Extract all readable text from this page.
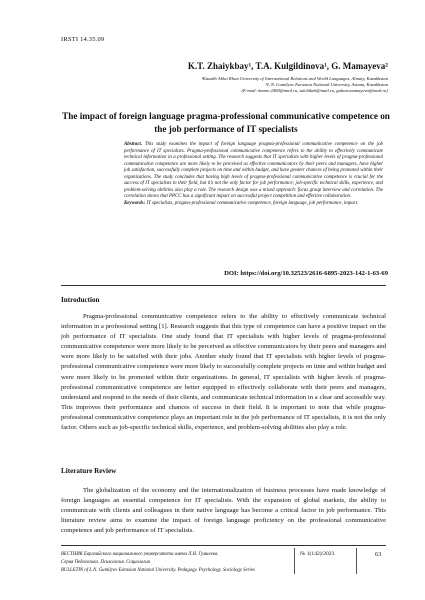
IRSTI 14.35.09
K.T. Zhaiykbay¹, T.A. Kulgildinova¹, G. Mamayeva²
¹Kazakh Ablai Khan University of International Relations and World Languages, Almaty, Kazakhstan
²L.N. Gumilyov Eurasian National University, Astana, Kazakhstan
(E-mail: kamis-2408@mail.ru, tulebikeb@mail.ru, gulnar.mamayeva@mail.ru)
The impact of foreign language pragma-professional communicative competence on the job performance of IT specialists
Abstract. This study examines the impact of foreign language pragma-professional communicative competence on the job performance of IT specialists. Pragma-professional communicative competence refers to the ability to effectively communicate technical information in a professional setting. The research suggests that IT specialists with higher levels of pragma-professional communicative competence are more likely to be perceived as effective communicators by their peers and managers, have higher job satisfaction, successfully complete projects on time and within budget, and have greater chances of being promoted within their organizations. The study concludes that having high levels of pragma-professional communicative competence is crucial for the success of IT specialists in their field, but it’s not the only factor for job performance; job-specific technical skills, experience, and problem-solving abilities also play a role. The research design was a mixed approach: focus group interview and correlation. The correlation shows that PPCC has a significant impact on successful project competition and effective collaboration.
Keywords: IT specialists, pragma-professional communicative competence, foreign language, job performance, impact.
DOI: https://doi.org/10.32523/2616-6895-2023-142-1-63-69
Introduction

Pragma-professional communicative competence refers to the ability to effectively communicate technical information in a professional setting [1]. Research suggests that this type of competence can have a positive impact on the job performance of IT specialists. One study found that IT specialists with higher levels of pragma-professional communicative competence were more likely to be perceived as effective communicators by their peers and managers and were more likely to be satisfied with their jobs. Another study found that IT specialists with higher levels of pragma-professional communicative competence were more likely to successfully complete projects on time and within budget and were more likely to be promoted within their organizations. In general, IT specialists with higher levels of pragma-professional communicative competence are better equipped to effectively collaborate with their peers and managers, understand and respond to the needs of their clients, and communicate technical information in a clear and accessible way. This improves their performance and chances of success in their field. It is important to note that while pragma-professional communicative competence plays an important role in the job performance of IT specialists, it is not the only factor. Others such as job-specific technical skills, experience, and problem-solving abilities also play a role.

Literature Review

The globalization of the economy and the internationalization of business processes have made knowledge of foreign languages an essential competence for IT specialists. With the expansion of global markets, the ability to communicate with clients and colleagues in their native language has become a critical factor in job performance. This literature review aims to examine the impact of foreign language proficiency on the professional communicative competence and job performance of IT specialists.

ВЕСТНИК Евразийского национального университета имени Л.Н. Гумилева.
Серия Педагогика. Психология. Социология
BULLETIN of L.N. Gumilyov Eurasian National University. Pedagogy. Psychology. Sociology Series
№ 1(142)/2023	63
